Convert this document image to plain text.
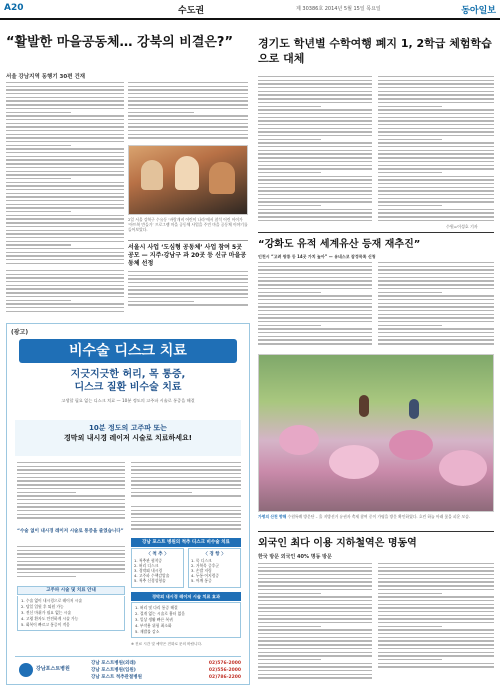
A20	수도권	제 30386호 2014년 5월 15일 목요일	동아일보
“활발한 마을공동체… 강북의 비결은?”
서울 강남지역 동행기 30편 건재
2일 서울 강북구 수유동 ‘바람개비 어린이 나라’에서 참석 어린 아이가 ‘아트북 만들기’ 프로그램 마을 공동체 사업을 주민 마을 공동체 이야기를 들어보았다.
서울시 사업 ‘도심형 공동체’ 사업 참여 5곳 공모 — 지주·강남구 과 20곳 등 신규 마을공동체 선정
경기도 학년별 수학여행 폐지 1, 2학급 체험학습으로 대체
수원=이성호 기자
“강화도 유적 세계유산 등재 재추진”
인천시 “고려 왕릉 등 14곳 가치 높아” — 유네스코 잠정목록 신청
(광고)
비수술 디스크 치료
지긋지긋한 허리, 목 통증,
디스크 질환 비수술 치료
고생할 필요 없는 디스크 치료 — 10분 정도의 고주파 시술로 통증을 해결
10분 정도의 고주파 또는
경막외 내시경 레이저 시술로 치료하세요!
“수술 없이 내시경 레이저 시술로 통증을 줄였습니다”
강남 포스트 병원의 척추 디스크 비수술 치료
〈 척 추 〉
1. 척추관 협착증
2. 허리 디스크
3. 경막외 내시경
4. 고주파 수핵감압술
5. 척추 신경성형술
〈 경 항 〉
1. 목 디스크
2. 거북목 증후군
3. 손발 저림
4. 두통·어지럼증
5. 어깨 통증
고주파 시술 및 치료 안내
1. 수술 없이 내시경으로 레이저 시술
2. 당일 입원 후 퇴원 가능
3. 전신 마취가 필요 없는 시술
4. 고령 환자도 안전하게 시술 가능
5. 회복이 빠르고 통증이 적음
경막외 내시경 레이저 시술 치료 효과
1. 허리 및 다리 통증 해결
2. 절개 없는 시술로 흉터 없음
3. 일상 생활 빠른 복귀
4. 부작용 위험 최소화
5. 재발률 감소
※ 진료 시간 및 예약은 전화로 문의 바랍니다.
강남포스트병원
강남 포스트병원(외래)	02)576-2000
강남 포스트병원(입원)	02)556-2000
강남 포스트 척추관절병원	02)786-2200
가평의 산천 향해 수원특례 방문단 – 올 지방선거 유권자 축제 참여 중이 가평을 방문 확인하였다. 흐린 하늘 아래 꽃을 피운 모습.
외국인 최다 이용 지하철역은 명동역
한국 방문 외국인 40% 명동 방문
